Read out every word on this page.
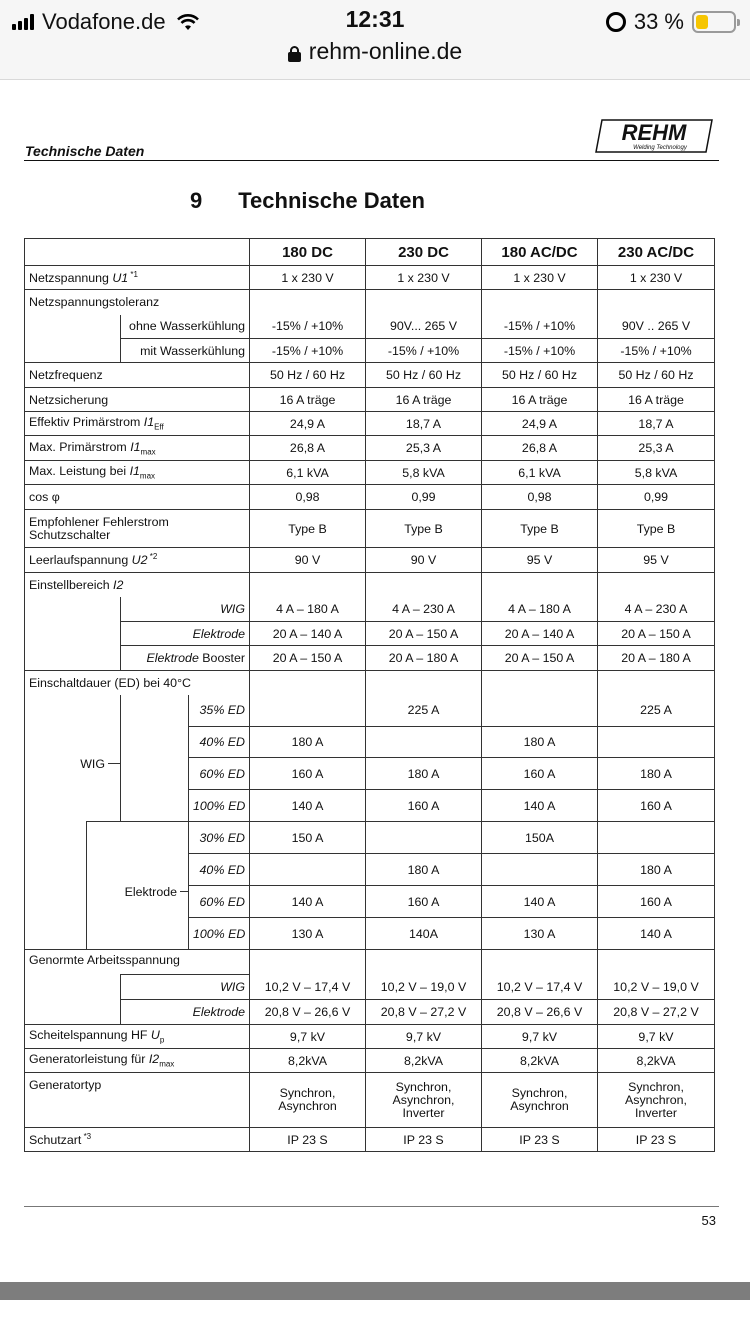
Vodafone.de	12:31	33 %
rehm-online.de
Technische Daten
REHM
Welding Technology
9 Technische Daten
				180 DC	230 DC	180 AC/DC	230 AC/DC
Netzspannung U1 $^{*1}$				1 x 230 V	1 x 230 V	1 x 230 V	1 x 230 V
Netzspannungstoleranz							
		ohne Wasserkühlung		-15% / +10%	90V... 265 V	-15% / +10%	90V .. 265 V
		mit Wasserkühlung		-15% / +10%	-15% / +10%	-15% / +10%	-15% / +10%
Netzfrequenz				50 Hz / 60 Hz	50 Hz / 60 Hz	50 Hz / 60 Hz	50 Hz / 60 Hz
Netzsicherung				16 A träge	16 A träge	16 A träge	16 A träge
Effektiv Primärstrom $I1_{Eff}$				24,9 A	18,7 A	24,9 A	18,7 A
Max. Primärstrom $I1_{max}$				26,8 A	25,3 A	26,8 A	25,3 A
Max. Leistung bei $I1_{max}$				6,1 kVA	5,8 kVA	6,1 kVA	5,8 kVA
cos φ				0,98	0,99	0,98	0,99
Empfohlener Fehlerstrom Schutzschalter				Type B	Type B	Type B	Type B
Leerlaufspannung U2 $^{*2}$				90 V	90 V	95 V	95 V
Einstellbereich I2							
		WIG		4 A – 180 A	4 A – 230 A	4 A – 180 A	4 A – 230 A
		Elektrode		20 A – 140 A	20 A – 150 A	20 A – 140 A	20 A – 150 A
		Elektrode Booster		20 A – 150 A	20 A – 180 A	20 A – 150 A	20 A – 180 A
Einschaltdauer (ED) bei 40°C							
WIG			35% ED		225 A		225 A
			40% ED	180 A		180 A	
			60% ED	160 A	180 A	160 A	180 A
			100% ED	140 A	160 A	140 A	160 A
	Elektrode		30% ED	150 A		150A	
			40% ED		180 A		180 A
			60% ED	140 A	160 A	140 A	160 A
			100% ED	130 A	140A	130 A	140 A
Genormte Arbeitsspannung							

		WIG		10,2 V – 17,4 V	10,2 V – 19,0 V	10,2 V – 17,4 V	10,2 V – 19,0 V
		Elektrode		20,8 V – 26,6 V	20,8 V – 27,2 V	20,8 V – 26,6 V	20,8 V – 27,2 V
Scheitelspannung HF $U_p$				9,7 kV	9,7 kV	9,7 kV	9,7 kV
Generatorleistung für $I2_{max}$				8,2kVA	8,2kVA	8,2kVA	8,2kVA
Generatortyp				Synchron, Asynchron	Synchron, Asynchron, Inverter	Synchron, Asynchron	Synchron, Asynchron, Inverter
Schutzart $^{*3}$				IP 23 S	IP 23 S	IP 23 S	IP 23 S
53
